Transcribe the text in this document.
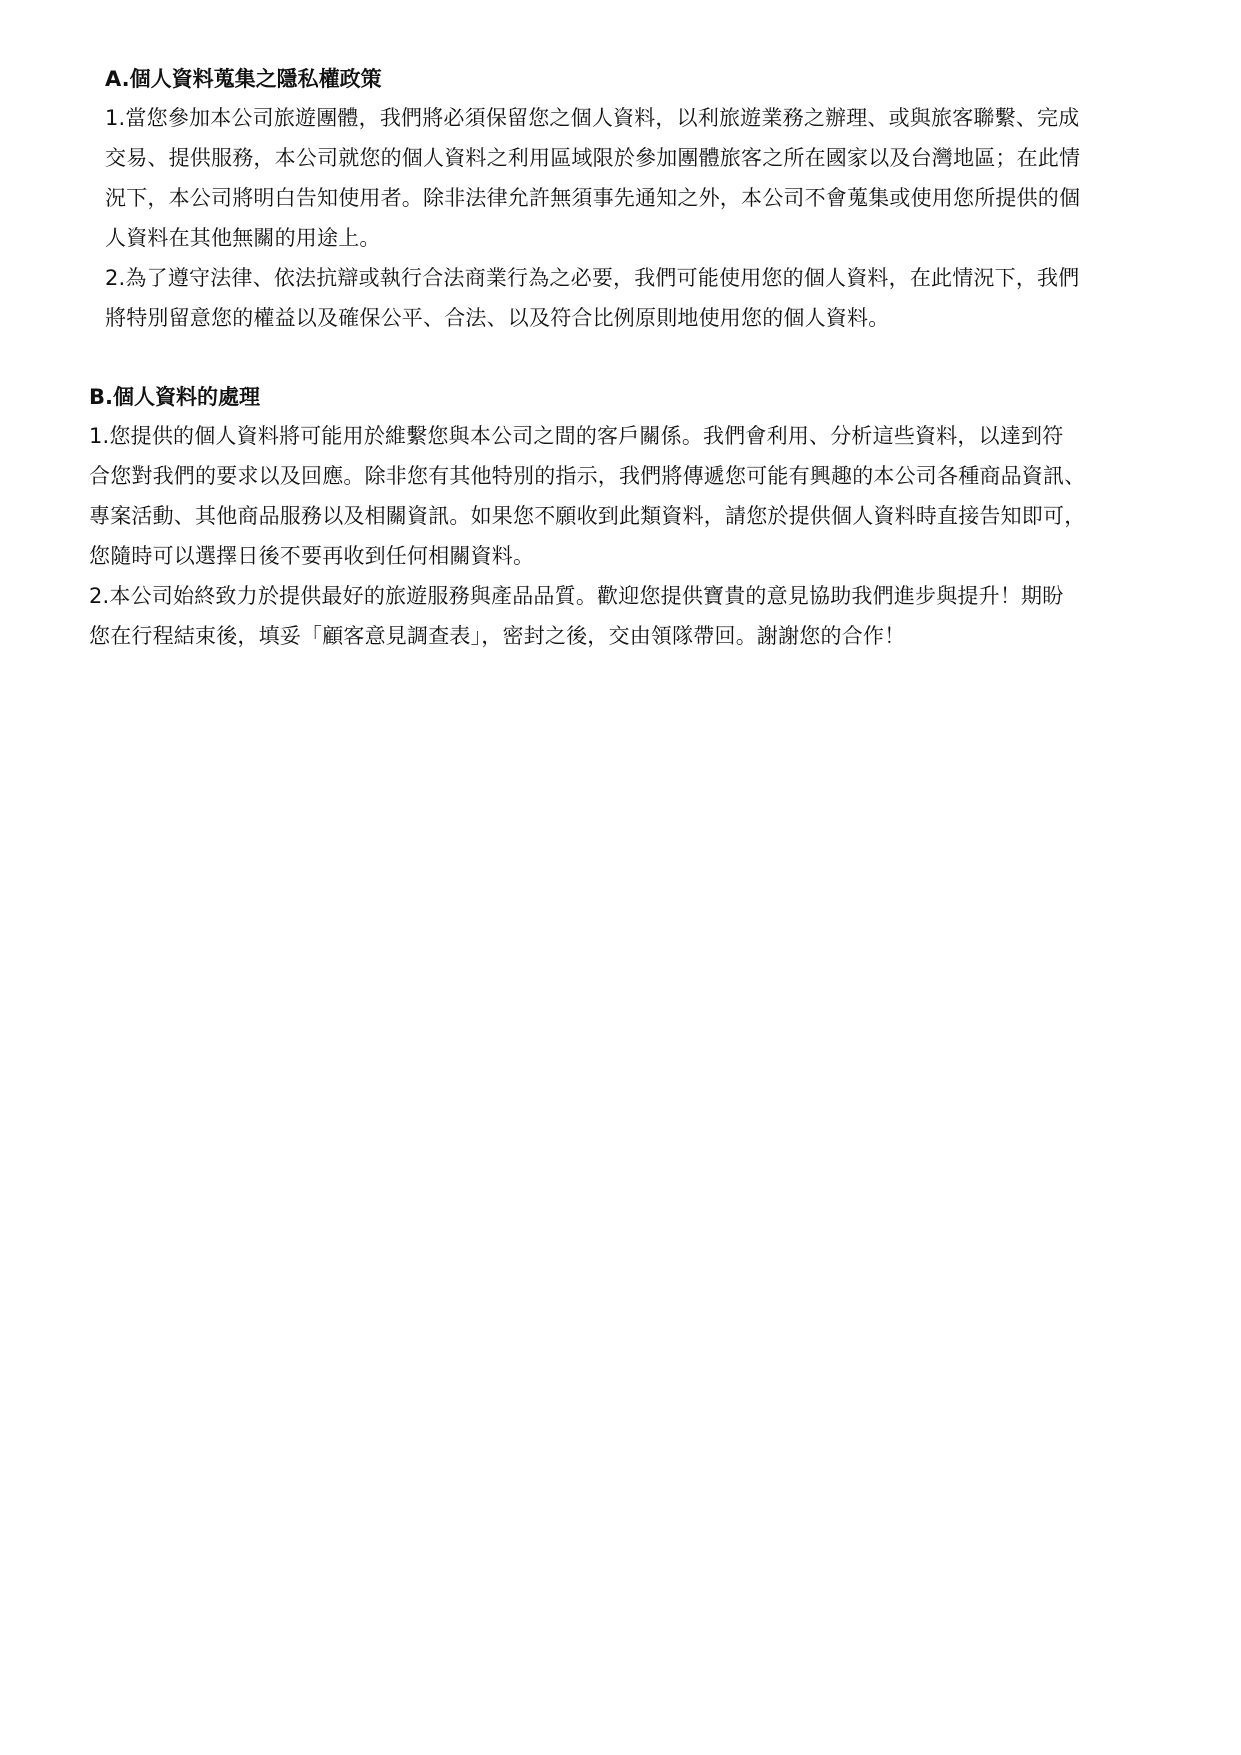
A.個人資料蒐集之隱私權政策
1.當您參加本公司旅遊團體，我們將必須保留您之個人資料，以利旅遊業務之辦理、或與旅客聯繫、完成
交易、提供服務，本公司就您的個人資料之利用區域限於參加團體旅客之所在國家以及台灣地區；在此情
況下，本公司將明白告知使用者。除非法律允許無須事先通知之外，本公司不會蒐集或使用您所提供的個
人資料在其他無關的用途上。
2.為了遵守法律、依法抗辯或執行合法商業行為之必要，我們可能使用您的個人資料，在此情況下，我們
將特別留意您的權益以及確保公平、合法、以及符合比例原則地使用您的個人資料。
B.個人資料的處理
1.您提供的個人資料將可能用於維繫您與本公司之間的客戶關係。我們會利用、分析這些資料，以達到符
合您對我們的要求以及回應。除非您有其他特別的指示，我們將傳遞您可能有興趣的本公司各種商品資訊、
專案活動、其他商品服務以及相關資訊。如果您不願收到此類資料，請您於提供個人資料時直接告知即可，
您隨時可以選擇日後不要再收到任何相關資料。
2.本公司始終致力於提供最好的旅遊服務與產品品質。歡迎您提供寶貴的意見協助我們進步與提升！期盼
您在行程結束後，填妥「顧客意見調查表」，密封之後，交由領隊帶回。謝謝您的合作！
